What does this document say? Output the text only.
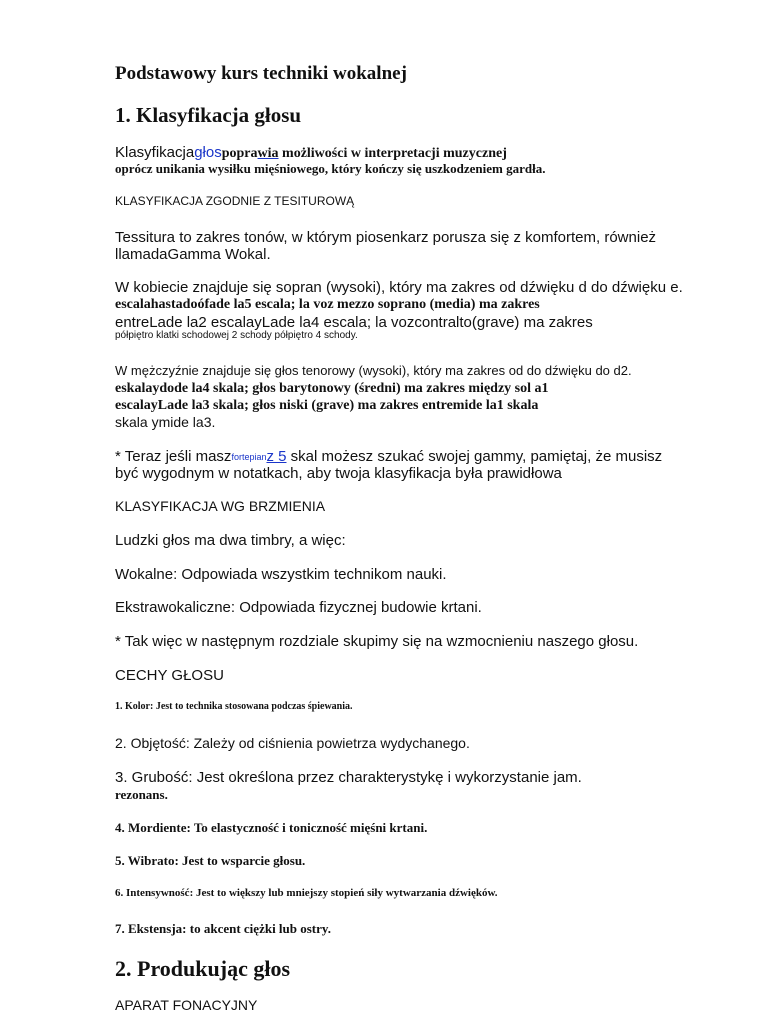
Podstawowy kurs techniki wokalnej
1. Klasyfikacja głosu
Klasyfikacjagłospoprawia możliwości w interpretacji muzycznej
oprócz unikania wysiłku mięśniowego, który kończy się uszkodzeniem gardła.
KLASYFIKACJA ZGODNIE Z TESITUROWĄ
Tessitura to zakres tonów, w którym piosenkarz porusza się z komfortem, również
llamadaGamma Wokal.
W kobiecie znajduje się sopran (wysoki), który ma zakres od dźwięku d do dźwięku e.
escalahastadoófade la5 escala; la voz mezzo soprano (media) ma zakres
entreLade la2 escalayLade la4 escala; la vozcontralto(grave) ma zakres
półpiętro klatki schodowej 2 schody półpiętro 4 schody.
W mężczyźnie znajduje się głos tenorowy (wysoki), który ma zakres od do dźwięku do d2.
eskalaydode la4 skala; głos barytonowy (średni) ma zakres między sol a1
escalayLade la3 skala; głos niski (grave) ma zakres entremide la1 skala
skala ymide la3.
* Teraz jeśli maszfortepianz 5 skal możesz szukać swojej gammy, pamiętaj, że musisz
być wygodnym w notatkach, aby twoja klasyfikacja była prawidłowa
KLASYFIKACJA WG BRZMIENIA
Ludzki głos ma dwa timbry, a więc:
Wokalne: Odpowiada wszystkim technikom nauki.
Ekstrawokaliczne: Odpowiada fizycznej budowie krtani.
* Tak więc w następnym rozdziale skupimy się na wzmocnieniu naszego głosu.
CECHY GŁOSU
1. Kolor: Jest to technika stosowana podczas śpiewania.
2. Objętość: Zależy od ciśnienia powietrza wydychanego.
3. Grubość: Jest określona przez charakterystykę i wykorzystanie jam.
rezonans.
4. Mordiente: To elastyczność i toniczność mięśni krtani.
5. Wibrato: Jest to wsparcie głosu.
6. Intensywność: Jest to większy lub mniejszy stopień siły wytwarzania dźwięków.
7. Ekstensja: to akcent ciężki lub ostry.
2. Produkując głos
APARAT FONACYJNY
